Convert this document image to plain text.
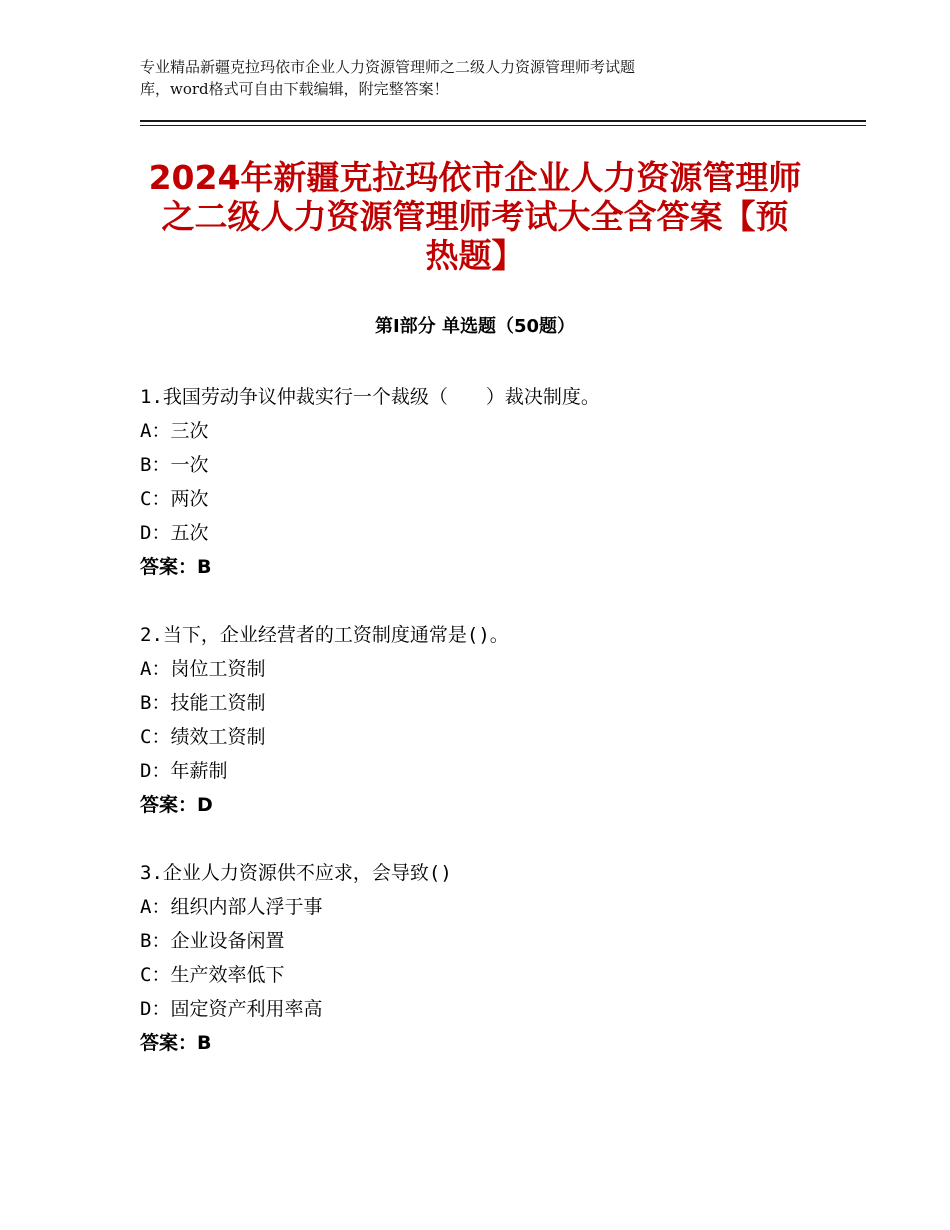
专业精品新疆克拉玛依市企业人力资源管理师之二级人力资源管理师考试题
库，word格式可自由下载编辑，附完整答案！
2024年新疆克拉玛依市企业人力资源管理师
之二级人力资源管理师考试大全含答案【预
热题】
第Ⅰ部分 单选题（50题）
1.我国劳动争议仲裁实行一个裁级（　　）裁决制度。
A：三次
B：一次
C：两次
D：五次
答案：B
2.当下，企业经营者的工资制度通常是()。
A：岗位工资制
B：技能工资制
C：绩效工资制
D：年薪制
答案：D
3.企业人力资源供不应求，会导致()
A：组织内部人浮于事
B：企业设备闲置
C：生产效率低下
D：固定资产利用率高
答案：B
